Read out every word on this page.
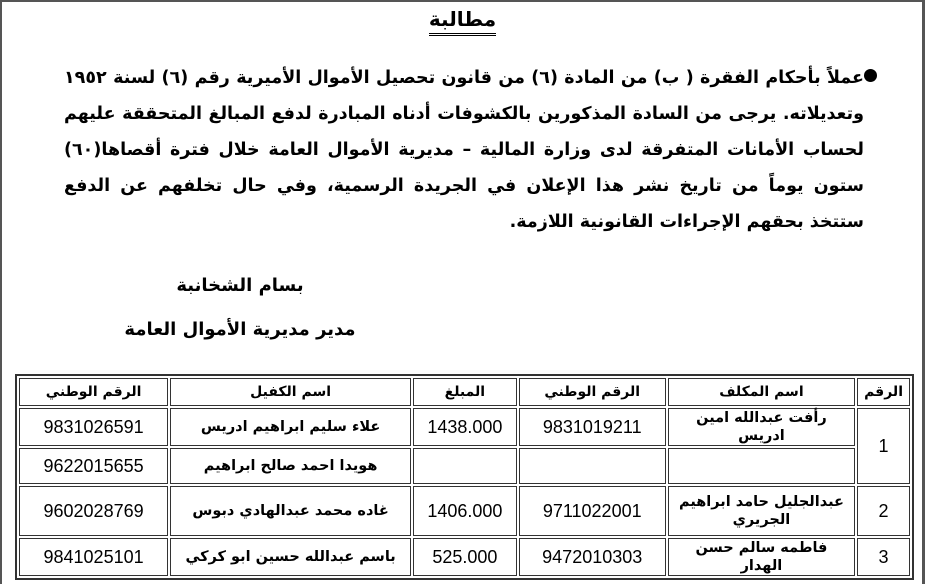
مطالبة
عملاً بأحكام الفقرة ( ب) من المادة (٦) من قانون تحصيل الأموال الأميرية رقم (٦) لسنة ١٩٥٢ وتعديلاته. يرجى من السادة المذكورين بالكشوفات أدناه المبادرة لدفع المبالغ المتحققة عليهم لحساب الأمانات المتفرقة لدى وزارة المالية – مديرية الأموال العامة خلال فترة أقصاها(٦٠) ستون يوماً من تاريخ نشر هذا الإعلان في الجريدة الرسمية، وفي حال تخلفهم عن الدفع ستتخذ بحقهم الإجراءات القانونية اللازمة.
بسام الشخانبة
مدير مديرية الأموال العامة
الرقم	اسم المكلف	الرقم الوطني	المبلغ	اسم الكفيل	الرقم الوطني
1	رأفت عبدالله امين ادريس	9831019211	1438.000	علاء سليم ابراهيم ادريس	9831026591
				هويدا احمد صالح ابراهيم	9622015655
2	عبدالجليل حامد ابراهيم الجريري	9711022001	1406.000	غاده محمد عبدالهادي دبوس	9602028769
3	فاطمه سالم حسن الهدار	9472010303	525.000	باسم عبدالله حسين ابو كركي	9841025101
